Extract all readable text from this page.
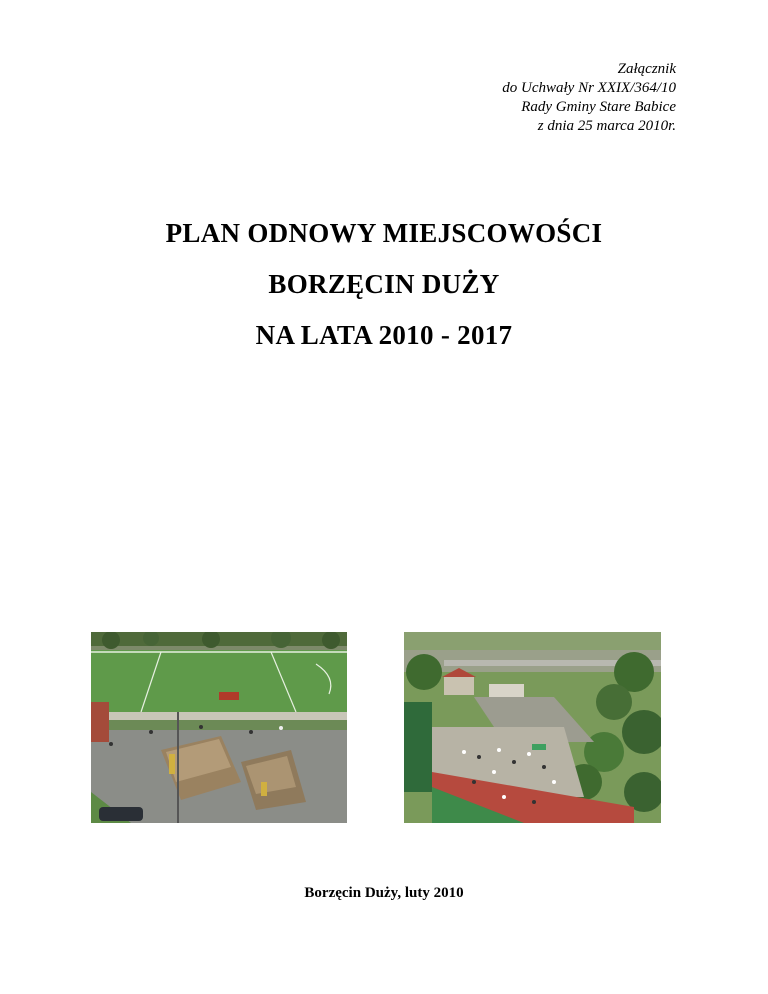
Załącznik
do Uchwały Nr XXIX/364/10
Rady Gminy Stare Babice
z dnia 25 marca 2010r.
PLAN ODNOWY MIEJSCOWOŚCI
BORZĘCIN DUŻY
NA LATA 2010 - 2017
Borzęcin Duży, luty 2010
